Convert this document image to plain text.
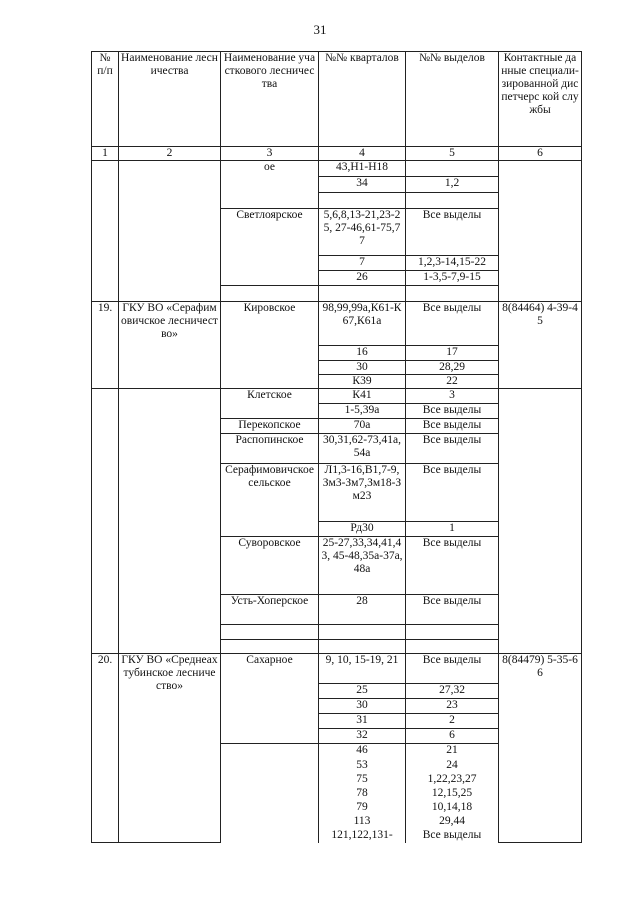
31
№ п/п	Наименование лесничества	Наименование участкового лесничества	№№ кварталов	№№ выделов	Контактные данные специали-зированной диспетчерс кой службы
1	2	3	4	5	6
		ое	43,Н1-Н18		
			34	1,2	

		Светлоярское	5,6,8,13-21,23-25, 27-46,61-75,77	Все выделы	
			7	1,2,3-14,15-22	
			26	1-3,5-7,9-15	

19.	ГКУ ВО «Серафимовичское лесничество»	Кировское	98,99,99а,К61-К67,К61а	Все выделы	8(84464) 4-39-45
			16	17	
			30	28,29	
			К39	22	
		Клетское	К41	3	
			1-5,39а	Все выделы	
		Перекопское	70а	Все выделы	
		Распопинское	30,31,62-73,41а,54а	Все выделы	
		Серафимовичское сельское	Л1,3-16,В1,7-9, Зм3-Зм7,Зм18-Зм23	Все выделы	
			Рд30	1	
		Суворовское	25-27,33,34,41,43, 45-48,35а-37а,48а	Все выделы	
		Усть-Хоперское	28	Все выделы	

20.	ГКУ ВО «Среднеахтубинское лесничество»	Сахарное	9, 10, 15-19, 21	Все выделы	8(84479) 5-35-66
			25	27,32	
			30	23	
			31	2	
			32	6	
			46	21	
			53	24	
			75	1,22,23,27	
			78	12,15,25	
			79	10,14,18	
			113	29,44	
			121,122,131-	Все выделы	
